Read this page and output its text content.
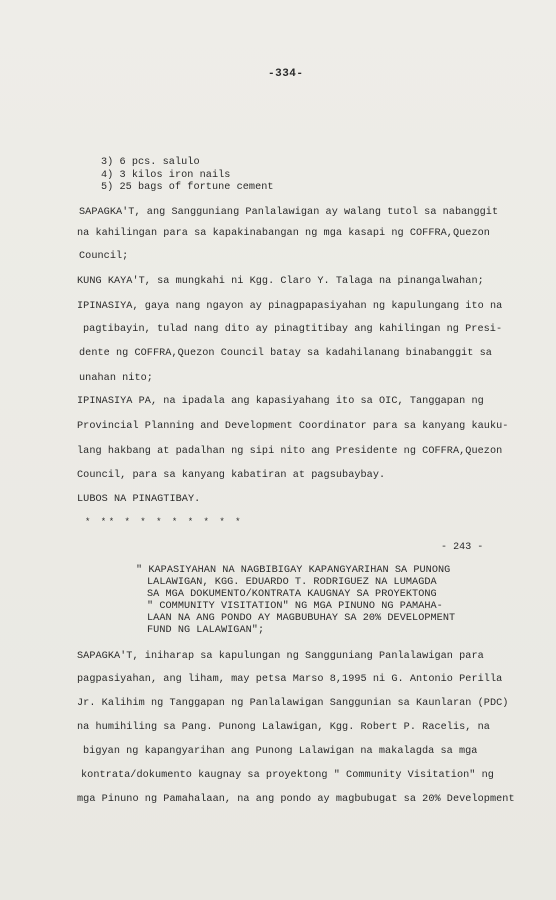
-334-
3) 6 pcs. salulo
4) 3 kilos iron nails
5) 25 bags of fortune cement
SAPAGKA'T, ang Sangguniang Panlalawigan ay walang tutol sa nabanggit
na kahilingan para sa kapakinabangan ng mga kasapi ng COFFRA,Quezon
Council;
KUNG KAYA'T, sa mungkahi ni Kgg. Claro Y. Talaga na pinangalwahan;
IPINASIYA, gaya nang ngayon ay pinagpapasiyahan ng kapulungang ito na
pagtibayin, tulad nang dito ay pinagtitibay ang kahilingan ng Presi-
dente ng COFFRA,Quezon Council batay sa kadahilanang binabanggit sa
unahan nito;
IPINASIYA PA, na ipadala ang kapasiyahang ito sa OIC, Tanggapan ng
Provincial Planning and Development Coordinator para sa kanyang kauku-
lang hakbang at padalhan ng sipi nito ang Presidente ng COFFRA,Quezon
Council, para sa kanyang kabatiran at pagsubaybay.
LUBOS NA PINAGTIBAY.
* ** * * * * * * * *
- 243 -
" KAPASIYAHAN NA NAGBIBIGAY KAPANGYARIHAN SA PUNONG
LALAWIGAN, KGG. EDUARDO T. RODRIGUEZ NA LUMAGDA
SA MGA DOKUMENTO/KONTRATA KAUGNAY SA PROYEKTONG
" COMMUNITY VISITATION" NG MGA PINUNO NG PAMAHA-
LAAN NA ANG PONDO AY MAGBUBUHAY SA 20% DEVELOPMENT
FUND NG LALAWIGAN";
SAPAGKA'T, iniharap sa kapulungan ng Sangguniang Panlalawigan para
pagpasiyahan, ang liham, may petsa Marso 8,1995 ni G. Antonio Perilla
Jr. Kalihim ng Tanggapan ng Panlalawigan Sanggunian sa Kaunlaran (PDC)
na humihiling sa Pang. Punong Lalawigan, Kgg. Robert P. Racelis, na
bigyan ng kapangyarihan ang Punong Lalawigan na makalagda sa mga
kontrata/dokumento kaugnay sa proyektong " Community Visitation" ng
mga Pinuno ng Pamahalaan, na ang pondo ay magbubugat sa 20% Development
